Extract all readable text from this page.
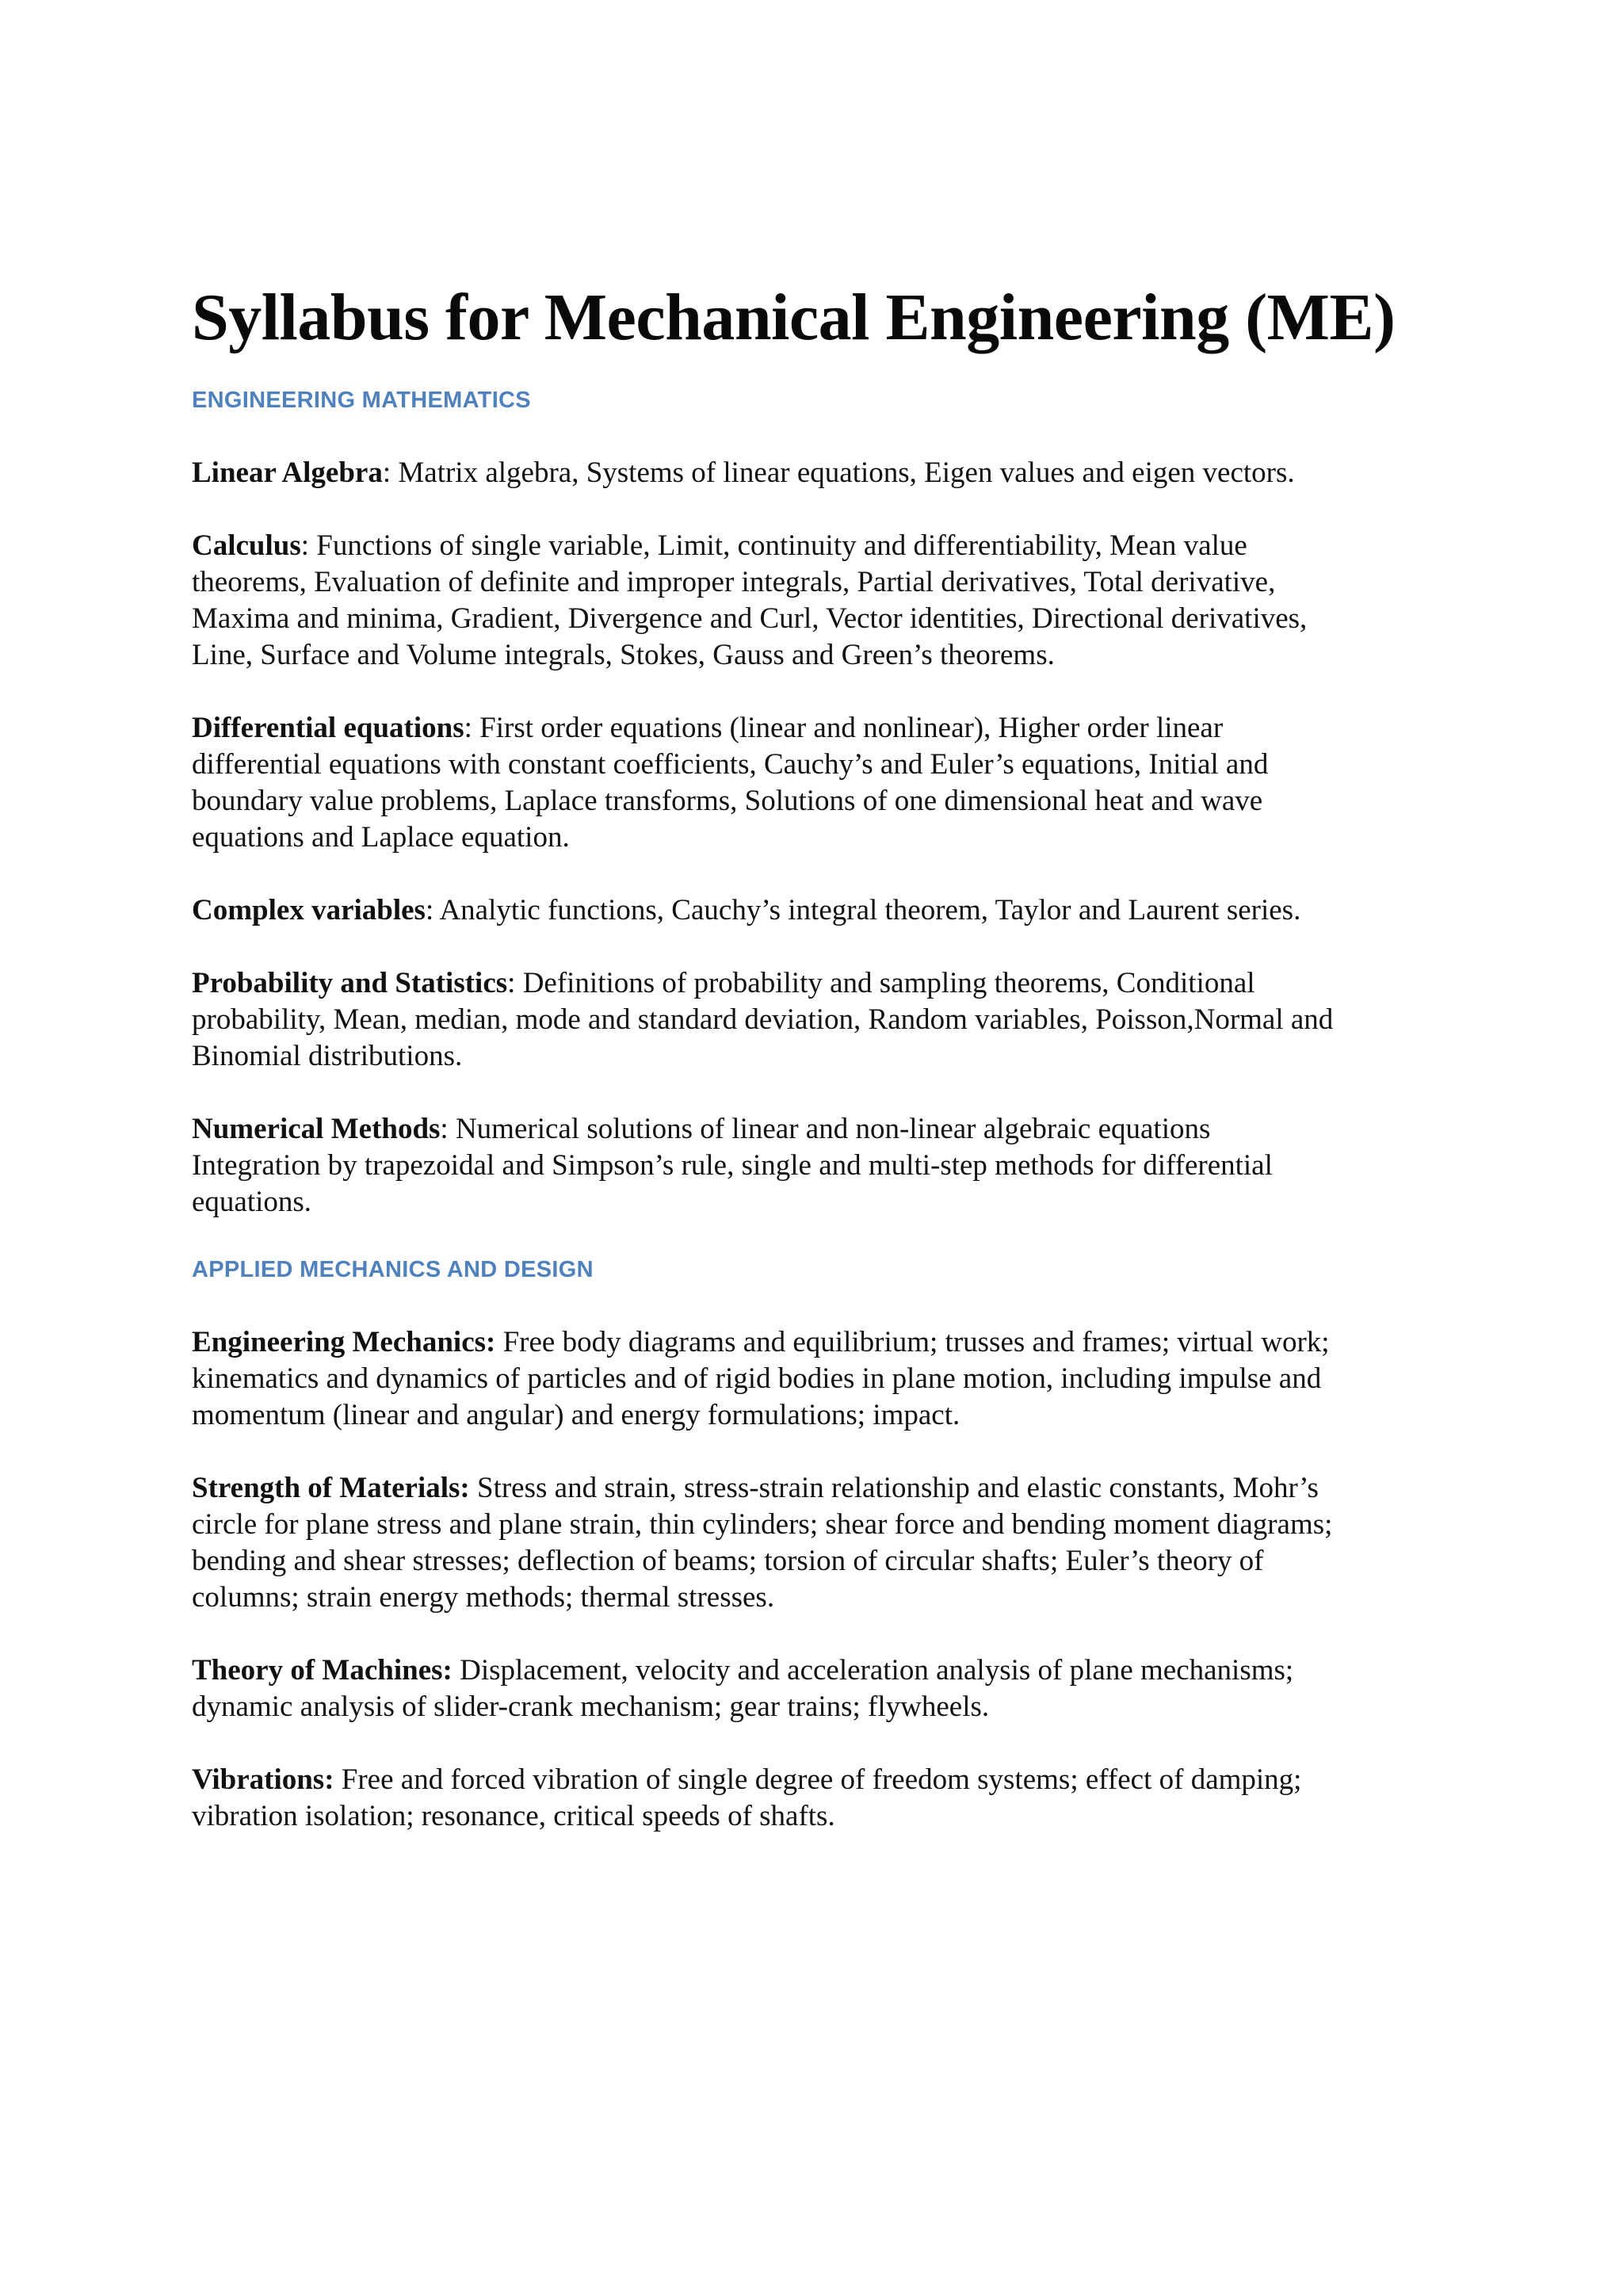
Syllabus for Mechanical Engineering (ME)
ENGINEERING MATHEMATICS

Linear Algebra: Matrix algebra, Systems of linear equations, Eigen values and eigen vectors.

Calculus: Functions of single variable, Limit, continuity and differentiability, Mean value
theorems, Evaluation of definite and improper integrals, Partial derivatives, Total derivative,
Maxima and minima, Gradient, Divergence and Curl, Vector identities, Directional derivatives,
Line, Surface and Volume integrals, Stokes, Gauss and Green’s theorems.

Differential equations: First order equations (linear and nonlinear), Higher order linear
differential equations with constant coefficients, Cauchy’s and Euler’s equations, Initial and
boundary value problems, Laplace transforms, Solutions of one dimensional heat and wave
equations and Laplace equation.

Complex variables: Analytic functions, Cauchy’s integral theorem, Taylor and Laurent series.

Probability and Statistics: Definitions of probability and sampling theorems, Conditional
probability, Mean, median, mode and standard deviation, Random variables, Poisson,Normal and
Binomial distributions.

Numerical Methods: Numerical solutions of linear and non-linear algebraic equations
Integration by trapezoidal and Simpson’s rule, single and multi-step methods for differential
equations.

APPLIED MECHANICS AND DESIGN

Engineering Mechanics: Free body diagrams and equilibrium; trusses and frames; virtual work;
kinematics and dynamics of particles and of rigid bodies in plane motion, including impulse and
momentum (linear and angular) and energy formulations; impact.

Strength of Materials: Stress and strain, stress-strain relationship and elastic constants, Mohr’s
circle for plane stress and plane strain, thin cylinders; shear force and bending moment diagrams;
bending and shear stresses; deflection of beams; torsion of circular shafts; Euler’s theory of
columns; strain energy methods; thermal stresses.

Theory of Machines: Displacement, velocity and acceleration analysis of plane mechanisms;
dynamic analysis of slider-crank mechanism; gear trains; flywheels.

Vibrations: Free and forced vibration of single degree of freedom systems; effect of damping;
vibration isolation; resonance, critical speeds of shafts.
